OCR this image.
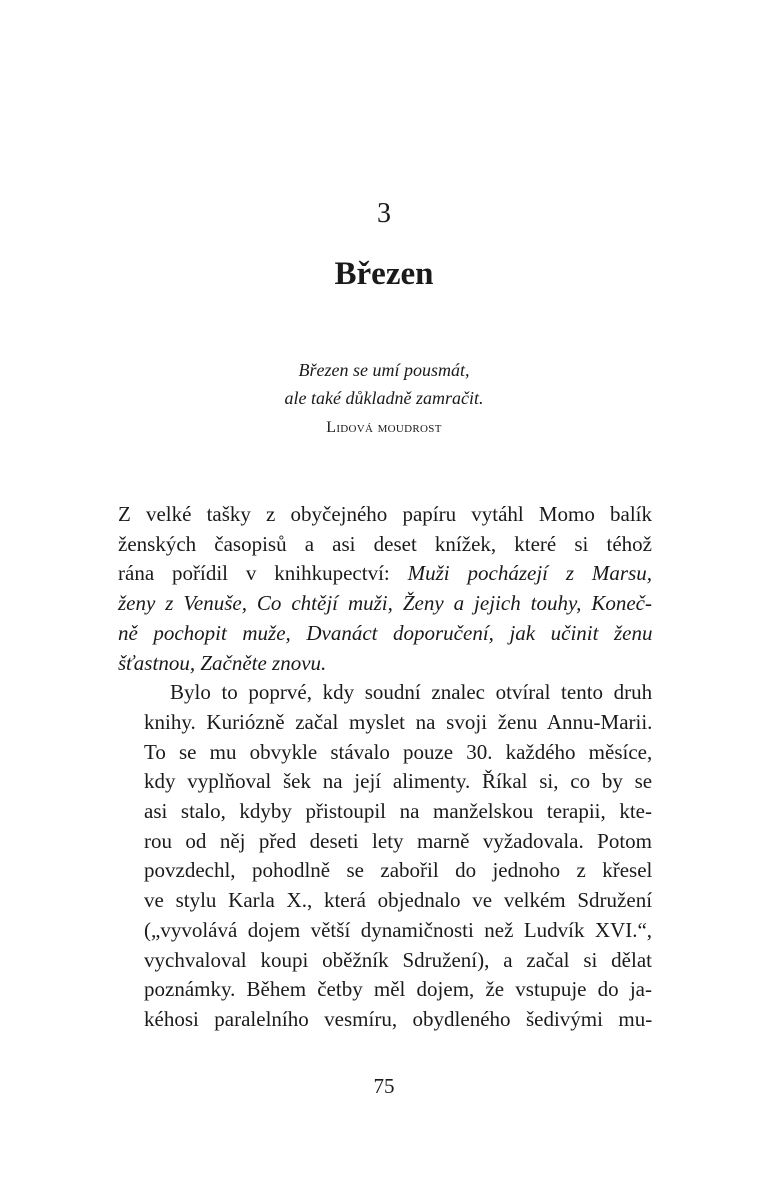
3
Březen
Březen se umí pousmát,
ale také důkladně zamračit.
Lidová moudrost
Z velké tašky z obyčejného papíru vytáhl Momo balík
ženských časopisů a asi deset knížek, které si téhož
rána pořídil v knihkupectví: Muži pocházejí z Marsu,
ženy z Venuše, Co chtějí muži, Ženy a jejich touhy, Koneč-
ně pochopit muže, Dvanáct doporučení, jak učinit ženu
šťastnou, Začněte znovu.
Bylo to poprvé, kdy soudní znalec otvíral tento druh
knihy. Kuriózně začal myslet na svoji ženu Annu-Marii.
To se mu obvykle stávalo pouze 30. každého měsíce,
kdy vyplňoval šek na její alimenty. Říkal si, co by se
asi stalo, kdyby přistoupil na manželskou terapii, kte-
rou od něj před deseti lety marně vyžadovala. Potom
povzdechl, pohodlně se zabořil do jednoho z křesel
ve stylu Karla X., která objednalo ve velkém Sdružení
(„vyvolává dojem větší dynamičnosti než Ludvík XVI.“,
vychvaloval koupi oběžník Sdružení), a začal si dělat
poznámky. Během četby měl dojem, že vstupuje do ja-
kéhosi paralelního vesmíru, obydleného šedivými mu-
75
